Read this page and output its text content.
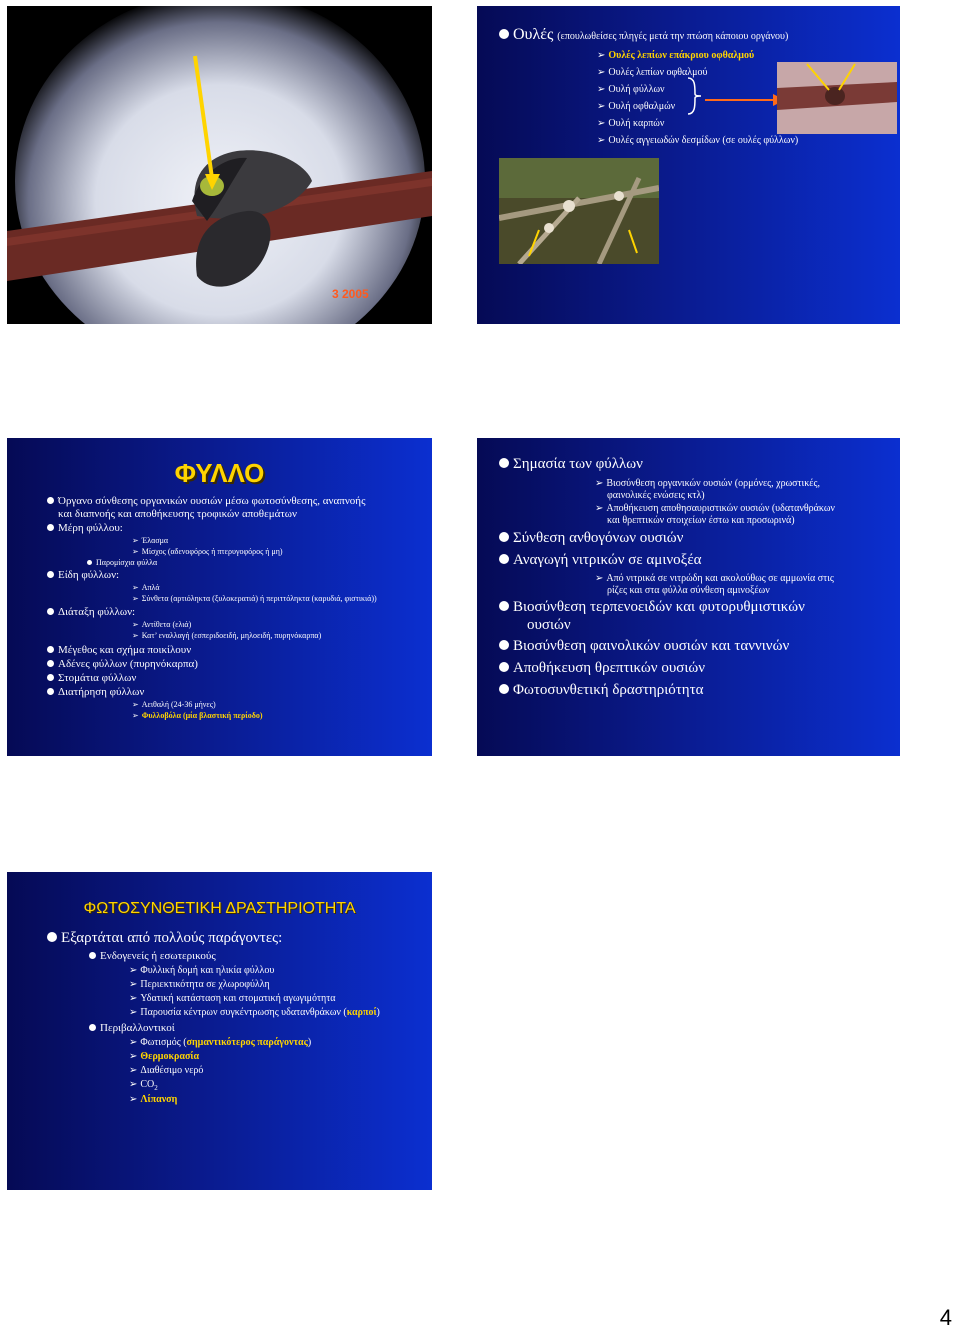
3 2005
Ουλές (επουλωθείσες πληγές μετά την πτώση κάποιου οργάνου)
➢ Ουλές λεπίων επάκριου οφθαλμού
➢ Ουλές λεπίων οφθαλμού
➢ Ουλή φύλλων
➢ Ουλή οφθαλμών
➢ Ουλή καρπών
➢ Ουλές αγγειωδών δεσμίδων (σε ουλές φύλλων)
ΦΥΛΛΟ
Όργανο σύνθεσης οργανικών ουσιών μέσω φωτοσύνθεσης, αναπνοής
και διαπνοής και αποθήκευσης τροφικών αποθεμάτων
Μέρη φύλλου:
➢ Έλασμα
➢ Μίσχος (αδενοφόρος ή πτερυγοφόρος ή μη)
Παρομίσχια φύλλα
Είδη φύλλων:
➢ Απλά
➢ Σύνθετα (αρτιόληκτα (ξυλοκερατιά) ή περιττόληκτα (καρυδιά, φιστικιά))
Διάταξη φύλλων:
➢ Αντίθετα (ελιά)
➢ Κατ’ εναλλαγή (εσπεριδοειδή, μηλοειδή, πυρηνόκαρπα)
Μέγεθος και σχήμα ποικίλουν
Αδένες φύλλων (πυρηνόκαρπα)
Στομάτια φύλλων
Διατήρηση φύλλων
➢ Αειθαλή (24-36 μήνες)
➢ Φυλλοβόλα (μία βλαστική περίοδο)
Σημασία των φύλλων
➢ Βιοσύνθεση οργανικών ουσιών (ορμόνες, χρωστικές,
φαινολικές ενώσεις κτλ)
➢ Αποθήκευση αποθησαυριστικών ουσιών (υδατανθράκων
και θρεπτικών στοιχείων έστω και προσωρινά)
Σύνθεση ανθογόνων ουσιών
Αναγωγή νιτρικών σε αμινοξέα
➢ Από νιτρικά σε νιτρώδη και ακολούθως σε αμμωνία στις
ρίζες και στα φύλλα σύνθεση αμινοξέων
Βιοσύνθεση τερπενοειδών και φυτορυθμιστικών
ουσιών
Βιοσύνθεση φαινολικών ουσιών και ταννινών
Αποθήκευση θρεπτικών ουσιών
Φωτοσυνθετική δραστηριότητα
ΦΩΤΟΣΥΝΘΕΤΙΚΗ ΔΡΑΣΤΗΡΙΟΤΗΤΑ
Εξαρτάται από πολλούς παράγοντες:
Ενδογενείς ή εσωτερικούς
➢ Φυλλική δομή και ηλικία φύλλου
➢ Περιεκτικότητα σε χλωροφύλλη
➢ Υδατική κατάσταση και στοματική αγωγιμότητα
➢ Παρουσία κέντρων συγκέντρωσης υδατανθράκων (καρποί)
Περιβαλλοντικοί
➢ Φωτισμός (σημαντικότερος παράγοντας)
➢ Θερμοκρασία
➢ Διαθέσιμο νερό
➢ $CO_2$
➢ Λίπανση
4
